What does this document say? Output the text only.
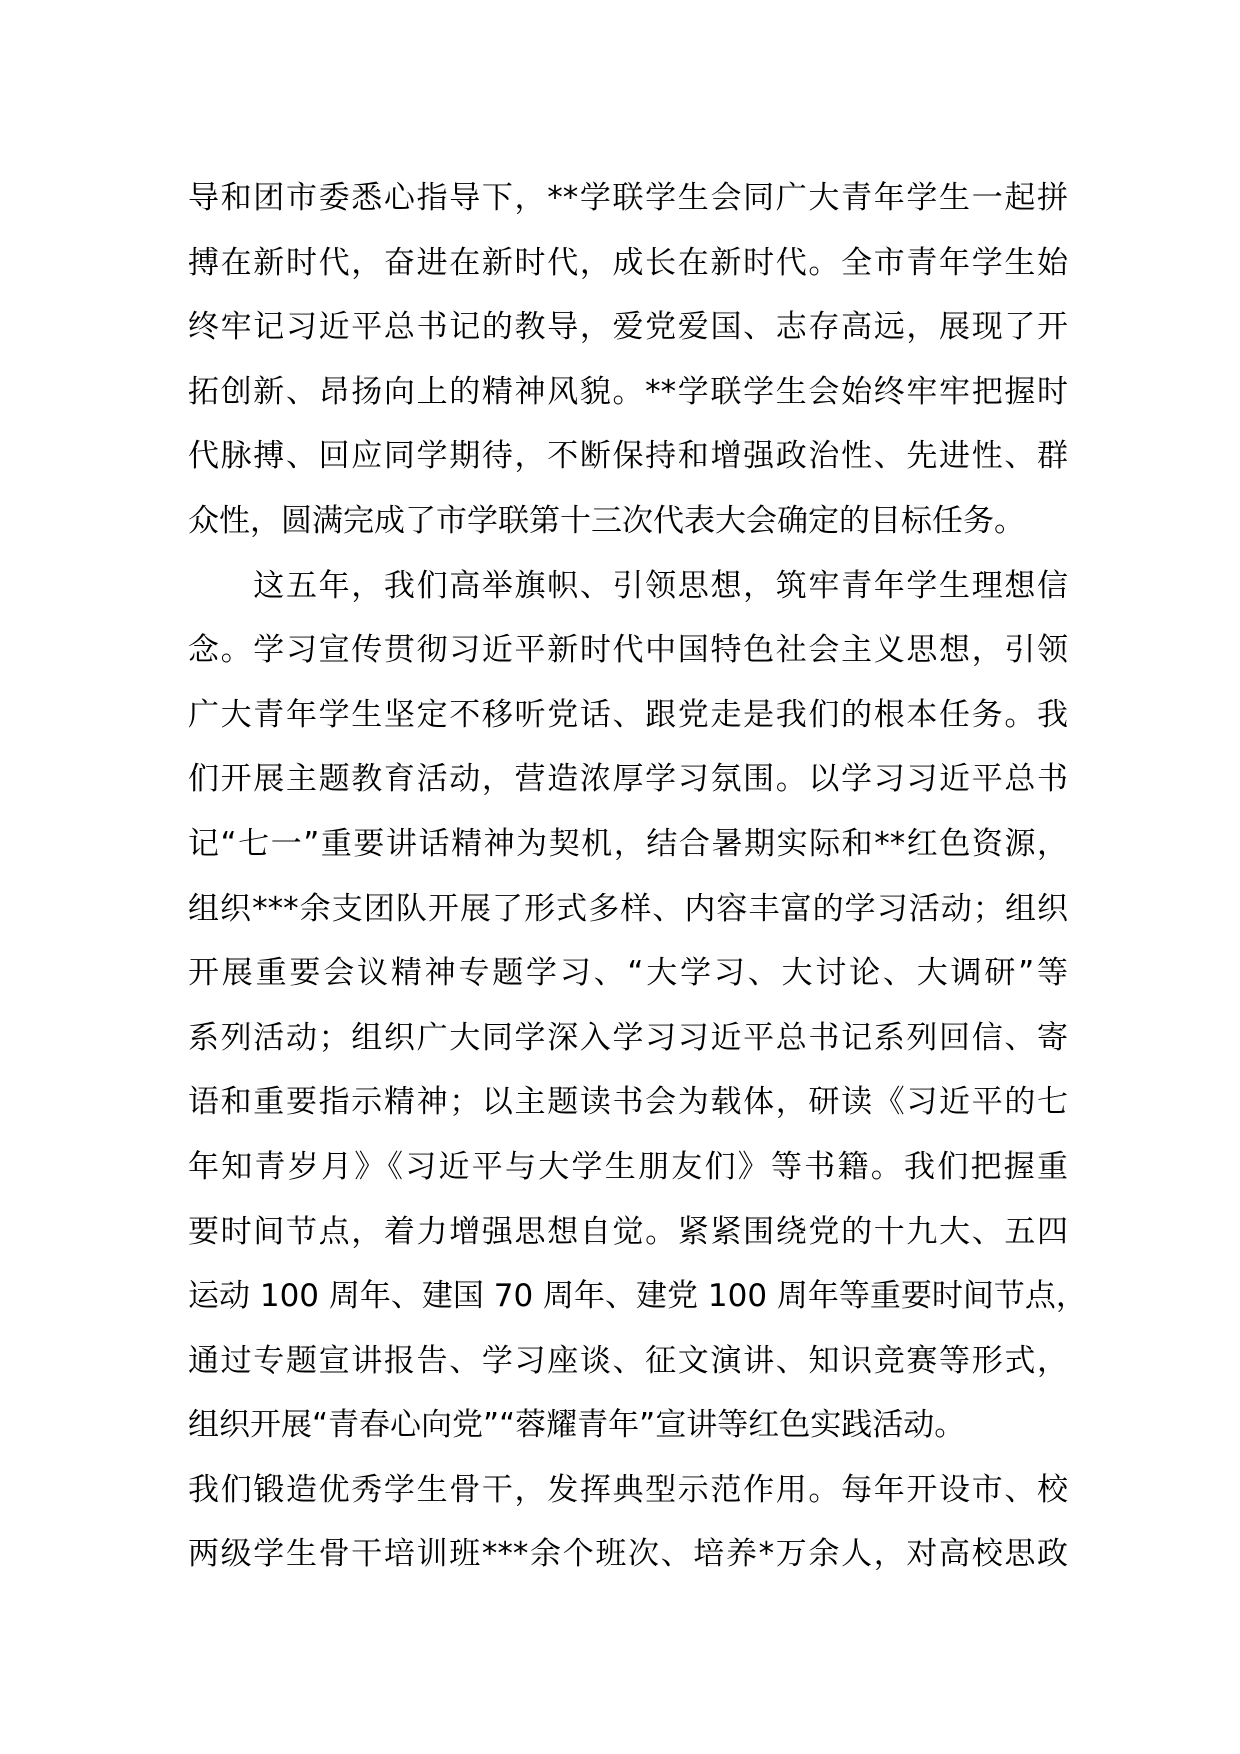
导和团市委悉心指导下，**学联学生会同广大青年学生一起拼
搏在新时代，奋进在新时代，成长在新时代。全市青年学生始
终牢记习近平总书记的教导，爱党爱国、志存高远，展现了开
拓创新、昂扬向上的精神风貌。**学联学生会始终牢牢把握时
代脉搏、回应同学期待，不断保持和增强政治性、先进性、群
众性，圆满完成了市学联第十三次代表大会确定的目标任务。
　　这五年，我们高举旗帜、引领思想，筑牢青年学生理想信
念。学习宣传贯彻习近平新时代中国特色社会主义思想，引领
广大青年学生坚定不移听党话、跟党走是我们的根本任务。我
们开展主题教育活动，营造浓厚学习氛围。以学习习近平总书
记“七一”重要讲话精神为契机，结合暑期实际和**红色资源，
组织***余支团队开展了形式多样、内容丰富的学习活动；组织
开展重要会议精神专题学习、“大学习、大讨论、大调研”等
系列活动；组织广大同学深入学习习近平总书记系列回信、寄
语和重要指示精神；以主题读书会为载体，研读《习近平的七
年知青岁月》《习近平与大学生朋友们》等书籍。我们把握重
要时间节点，着力增强思想自觉。紧紧围绕党的十九大、五四
运动 100 周年、建国 70 周年、建党 100 周年等重要时间节点，
通过专题宣讲报告、学习座谈、征文演讲、知识竞赛等形式，
组织开展“青春心向党”“蓉耀青年”宣讲等红色实践活动。
我们锻造优秀学生骨干，发挥典型示范作用。每年开设市、校
两级学生骨干培训班***余个班次、培养*万余人，对高校思政
